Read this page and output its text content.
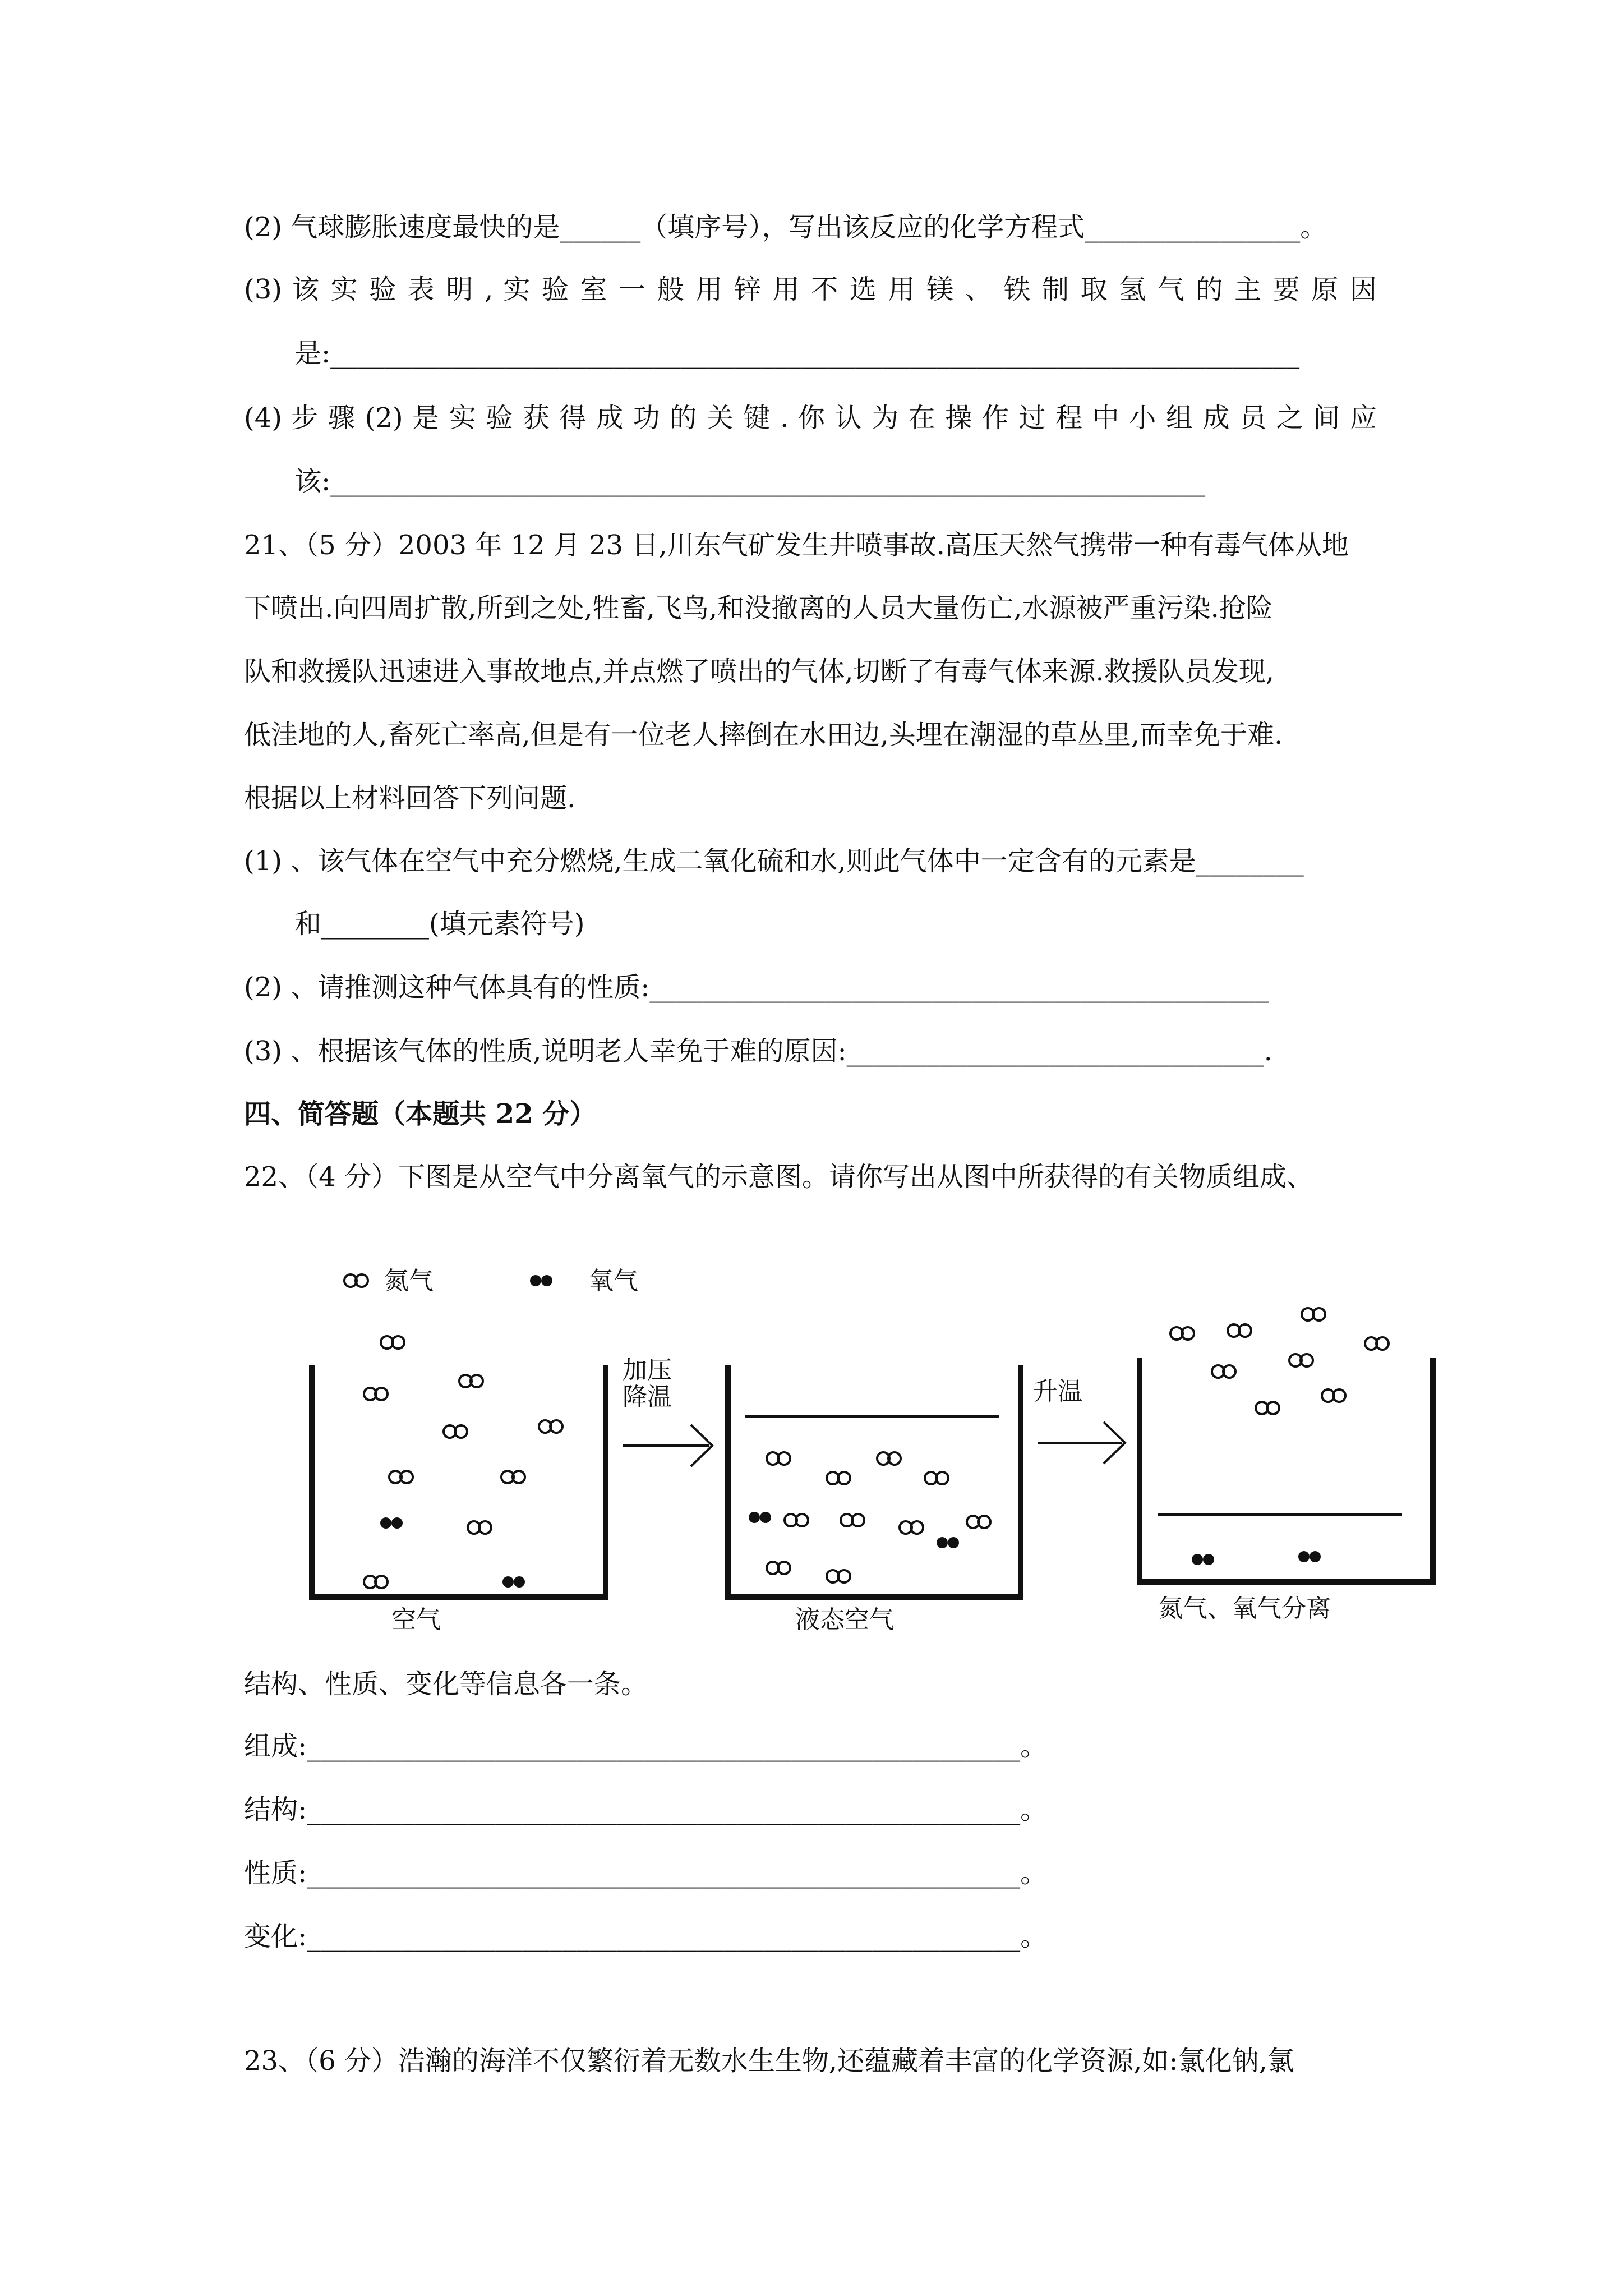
(2) 气球膨胀速度最快的是______（填序号），写出该反应的化学方程式________________。
(3) 该 实 验 表 明 , 实 验 室 一 般 用 锌 用 不 选 用 镁 、 铁 制 取 氢 气 的 主 要 原 因
是:________________________________________________________________________
(4) 步 骤 (2) 是 实 验 获 得 成 功 的 关 键 . 你 认 为 在 操 作 过 程 中 小 组 成 员 之 间 应
该:_________________________________________________________________
21、（5 分）2003 年 12 月 23 日,川东气矿发生井喷事故.高压天然气携带一种有毒气体从地
下喷出.向四周扩散,所到之处,牲畜,飞鸟,和没撤离的人员大量伤亡,水源被严重污染.抢险
队和救援队迅速进入事故地点,并点燃了喷出的气体,切断了有毒气体来源.救援队员发现,
低洼地的人,畜死亡率高,但是有一位老人摔倒在水田边,头埋在潮湿的草丛里,而幸免于难.
根据以上材料回答下列问题.
(1) 、该气体在空气中充分燃烧,生成二氧化硫和水,则此气体中一定含有的元素是________
和________(填元素符号)
(2) 、请推测这种气体具有的性质:______________________________________________
(3) 、根据该气体的性质,说明老人幸免于难的原因:_______________________________.
四、简答题（本题共 22 分）
22、（4 分）下图是从空气中分离氧气的示意图。请你写出从图中所获得的有关物质组成、
氮气	氧气
空气
加压
降温
液态空气
升温
氮气、氧气分离
结构、性质、变化等信息各一条。
组成:_____________________________________________________。
结构:_____________________________________________________。
性质:_____________________________________________________。
变化:_____________________________________________________。
23、（6 分）浩瀚的海洋不仅繁衍着无数水生生物,还蕴藏着丰富的化学资源,如:氯化钠,氯
